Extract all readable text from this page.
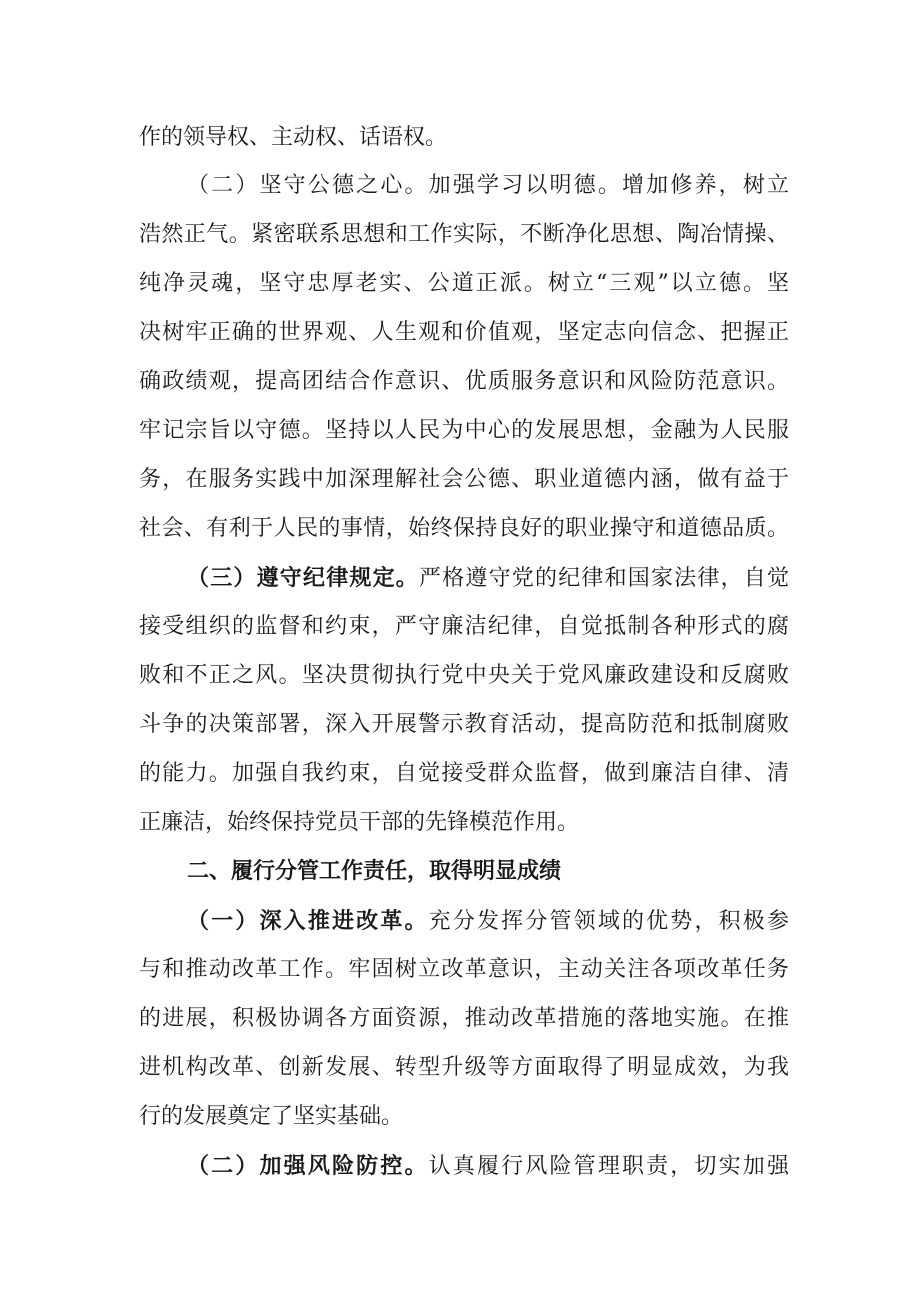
作的领导权、主动权、话语权。
（二）坚守公德之心。加强学习以明德。增加修养，树立
浩然正气。紧密联系思想和工作实际，不断净化思想、陶冶情操、
纯净灵魂，坚守忠厚老实、公道正派。树立“三观”以立德。坚
决树牢正确的世界观、人生观和价值观，坚定志向信念、把握正
确政绩观，提高团结合作意识、优质服务意识和风险防范意识。
牢记宗旨以守德。坚持以人民为中心的发展思想，金融为人民服
务，在服务实践中加深理解社会公德、职业道德内涵，做有益于
社会、有利于人民的事情，始终保持良好的职业操守和道德品质。
（三）遵守纪律规定。严格遵守党的纪律和国家法律，自觉
接受组织的监督和约束，严守廉洁纪律，自觉抵制各种形式的腐
败和不正之风。坚决贯彻执行党中央关于党风廉政建设和反腐败
斗争的决策部署，深入开展警示教育活动，提高防范和抵制腐败
的能力。加强自我约束，自觉接受群众监督，做到廉洁自律、清
正廉洁，始终保持党员干部的先锋模范作用。
二、履行分管工作责任，取得明显成绩
（一）深入推进改革。充分发挥分管领域的优势，积极参
与和推动改革工作。牢固树立改革意识，主动关注各项改革任务
的进展，积极协调各方面资源，推动改革措施的落地实施。在推
进机构改革、创新发展、转型升级等方面取得了明显成效，为我
行的发展奠定了坚实基础。
（二）加强风险防控。认真履行风险管理职责，切实加强
